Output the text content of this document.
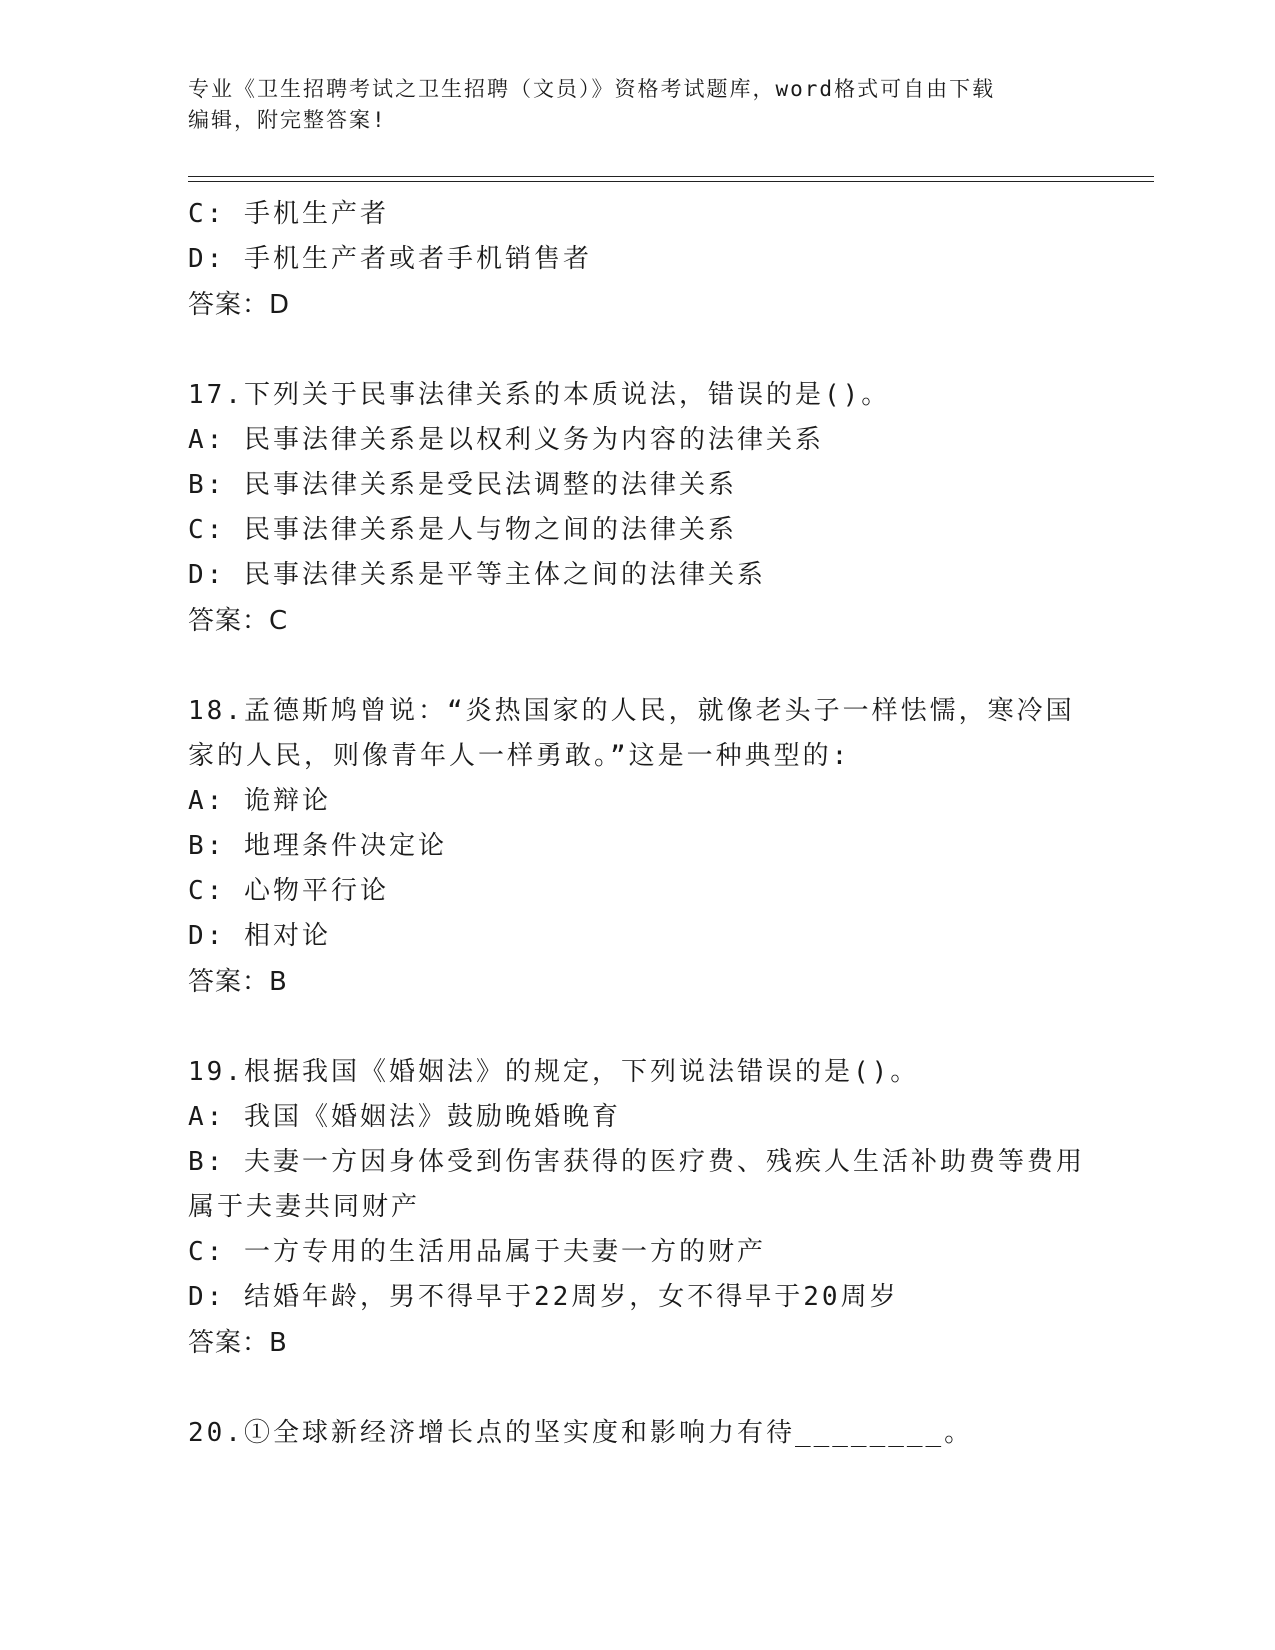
专业《卫生招聘考试之卫生招聘（文员）》资格考试题库，word格式可自由下载
编辑，附完整答案!
C: 手机生产者
D: 手机生产者或者手机销售者
答案：D
17.下列关于民事法律关系的本质说法，错误的是()。
A: 民事法律关系是以权利义务为内容的法律关系
B: 民事法律关系是受民法调整的法律关系
C: 民事法律关系是人与物之间的法律关系
D: 民事法律关系是平等主体之间的法律关系
答案：C
18.孟德斯鸠曾说：“炎热国家的人民，就像老头子一样怯懦，寒冷国
家的人民，则像青年人一样勇敢。”这是一种典型的:
A: 诡辩论
B: 地理条件决定论
C: 心物平行论
D: 相对论
答案：B
19.根据我国《婚姻法》的规定，下列说法错误的是()。
A: 我国《婚姻法》鼓励晚婚晚育
B: 夫妻一方因身体受到伤害获得的医疗费、残疾人生活补助费等费用
属于夫妻共同财产
C: 一方专用的生活用品属于夫妻一方的财产
D: 结婚年龄，男不得早于22周岁，女不得早于20周岁
答案：B
20.①全球新经济增长点的坚实度和影响力有待________。
